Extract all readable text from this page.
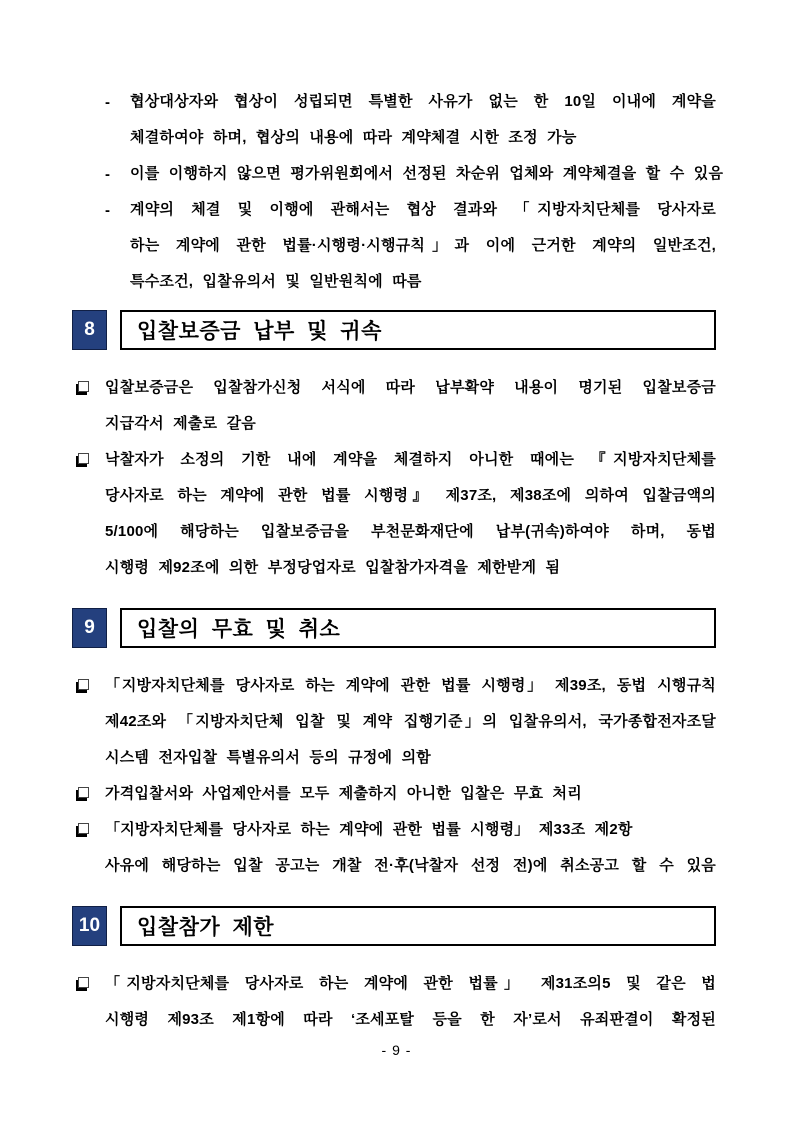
- 협상대상자와 협상이 성립되면 특별한 사유가 없는 한 10일 이내에 계약을
체결하여야 하며, 협상의 내용에 따라 계약체결 시한 조정 가능
- 이를 이행하지 않으면 평가위원회에서 선정된 차순위 업체와 계약체결을 할 수 있음
- 계약의 체결 및 이행에 관해서는 협상 결과와 「지방자치단체를 당사자로
하는 계약에 관한 법률·시행령·시행규칙」과 이에 근거한 계약의 일반조건,
특수조건, 입찰유의서 및 일반원칙에 따름
8	입찰보증금 납부 및 귀속
입찰보증금은 입찰참가신청 서식에 따라 납부확약 내용이 명기된 입찰보증금
지급각서 제출로 갈음
낙찰자가 소정의 기한 내에 계약을 체결하지 아니한 때에는 『지방자치단체를
당사자로 하는 계약에 관한 법률 시행령』 제37조, 제38조에 의하여 입찰금액의
5/100에 해당하는 입찰보증금을 부천문화재단에 납부(귀속)하여야 하며, 동법
시행령 제92조에 의한 부정당업자로 입찰참가자격을 제한받게 됨
9	입찰의 무효 및 취소
「지방자치단체를 당사자로 하는 계약에 관한 법률 시행령」 제39조, 동법 시행규칙
제42조와 「지방자치단체 입찰 및 계약 집행기준」의 입찰유의서, 국가종합전자조달
시스템 전자입찰 특별유의서 등의 규정에 의함
가격입찰서와 사업제안서를 모두 제출하지 아니한 입찰은 무효 처리
「지방자치단체를 당사자로 하는 계약에 관한 법률 시행령」 제33조 제2항
사유에 해당하는 입찰 공고는 개찰 전·후(낙찰자 선정 전)에 취소공고 할 수 있음
10	입찰참가 제한
「지방자치단체를 당사자로 하는 계약에 관한 법률」 제31조의5 및 같은 법
시행령 제93조 제1항에 따라 ‘조세포탈 등을 한 자’로서 유죄판결이 확정된
- 9 -
